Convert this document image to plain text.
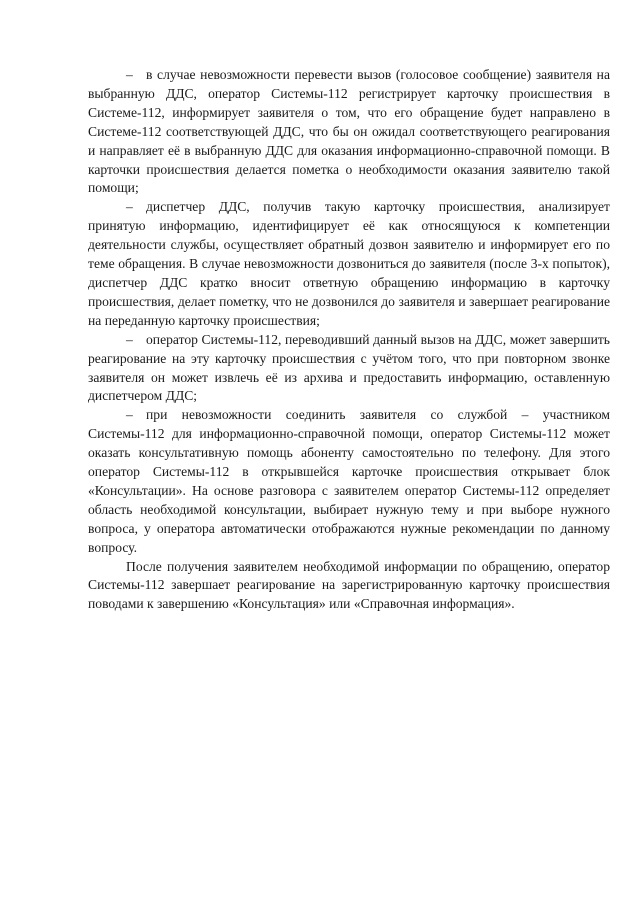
– в случае невозможности перевести вызов (голосовое сообщение) заявителя на выбранную ДДС, оператор Системы-112 регистрирует карточку происшествия в Системе-112, информирует заявителя о том, что его обращение будет направлено в Системе-112 соответствующей ДДС, что бы он ожидал соответствующего реагирования и направляет её в выбранную ДДС для оказания информационно-справочной помощи. В карточки происшествия делается пометка о необходимости оказания заявителю такой помощи;

– диспетчер ДДС, получив такую карточку происшествия, анализирует принятую информацию, идентифицирует её как относящуюся к компетенции деятельности службы, осуществляет обратный дозвон заявителю и информирует его по теме обращения. В случае невозможности дозвониться до заявителя (после 3-х попыток), диспетчер ДДС кратко вносит ответную обращению информацию в карточку происшествия, делает пометку, что не дозвонился до заявителя и завершает реагирование на переданную карточку происшествия;

– оператор Системы-112, переводивший данный вызов на ДДС, может завершить реагирование на эту карточку происшествия с учётом того, что при повторном звонке заявителя он может извлечь её из архива и предоставить информацию, оставленную диспетчером ДДС;

– при невозможности соединить заявителя со службой – участником Системы-112 для информационно-справочной помощи, оператор Системы-112 может оказать консультативную помощь абоненту самостоятельно по телефону. Для этого оператор Системы-112 в открывшейся карточке происшествия открывает блок «Консультации». На основе разговора с заявителем оператор Системы-112 определяет область необходимой консультации, выбирает нужную тему и при выборе нужного вопроса, у оператора автоматически отображаются нужные рекомендации по данному вопросу.

После получения заявителем необходимой информации по обращению, оператор Системы-112 завершает реагирование на зарегистрированную карточку происшествия поводами к завершению «Консультация» или «Справочная информация».
